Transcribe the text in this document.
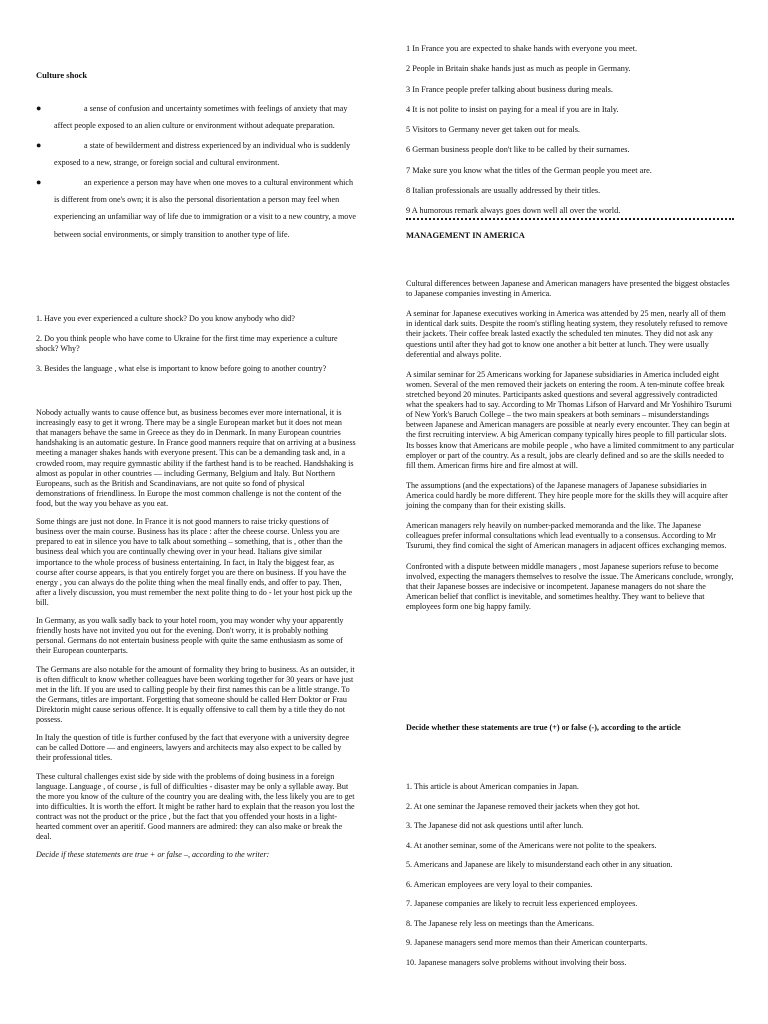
Culture shock
●	a sense of confusion and uncertainty sometimes with feelings of anxiety that may affect people exposed to an alien culture or environment without adequate preparation.
●	a state of bewilderment and distress experienced by an individual who is suddenly exposed to a new, strange, or foreign social and cultural environment.
●	an experience a person may have when one moves to a cultural environment which is different from one's own; it is also the personal disorientation a person may feel when experiencing an unfamiliar way of life due to immigration or a visit to a new country, a move between social environments, or simply transition to another type of life.

1. Have you ever experienced a culture shock? Do you know anybody who did?

2. Do you think people who have come to Ukraine for the first time may experience a culture shock? Why?

3. Besides the language , what else is important to know before going to another country?

Nobody actually wants to cause offence but, as business becomes ever more international, it is increasingly easy to get it wrong. There may be a single European market but it does not mean that managers behave the same in Greece as they do in Denmark. In many European countries handshaking is an automatic gesture. In France good manners require that on arriving at a business meeting a manager shakes hands with everyone present. This can be a demanding task and, in a crowded room, may require gymnastic ability if the farthest hand is to be reached. Handshaking is almost as popular in other countries — including Germany, Belgium and Italy. But Northern Europeans, such as the British and Scandinavians, are not quite so fond of physical demonstrations of friendliness. In Europe the most common challenge is not the content of the food, but the way you behave as you eat.

Some things are just not done. In France it is not good manners to raise tricky questions of business over the main course. Business has its place : after the cheese course. Unless you are prepared to eat in silence you have to talk about something – something, that is , other than the business deal which you are continually chewing over in your head. Italians give similar importance to the whole process of business entertaining. In fact, in Italy the biggest fear, as course after course appears, is that you entirely forget you are there on business. If you have the energy , you can always do the polite thing when the meal finally ends, and offer to pay. Then, after a lively discussion, you must remember the next polite thing to do - let your host pick up the bill.

In Germany, as you walk sadly back to your hotel room, you may wonder why your apparently friendly hosts have not invited you out for the evening. Don't worry, it is probably nothing personal. Germans do not entertain business people with quite the same enthusiasm as some of their European counterparts.

The Germans are also notable for the amount of formality they bring to business. As an outsider, it is often difficult to know whether colleagues have been working together for 30 years or have just met in the lift. If you are used to calling people by their first names this can be a little strange. To the Germans, titles are important. Forgetting that someone should be called Herr Doktor or Frau Direktorin might cause serious offence. It is equally offensive to call them by a title they do not possess.

In Italy the question of title is further confused by the fact that everyone with a university degree can be called Dottore — and engineers, lawyers and architects may also expect to be called by their professional titles.

These cultural challenges exist side by side with the problems of doing business in a foreign language. Language , of course , is full of difficulties - disaster may be only a syllable away. But the more you know of the culture of the country you are dealing with, the less likely you are to get into difficulties. It is worth the effort. It might be rather hard to explain that the reason you lost the contract was not the product or the price , but the fact that you offended your hosts in a light-hearted comment over an aperitif. Good manners are admired: they can also make or break the deal.

Decide if these statements are true + or false –, according to the writer:

1 In France you are expected to shake hands with everyone you meet.

2 People in Britain shake hands just as much as people in Germany.

3 In France people prefer talking about business during meals.

4 It is not polite to insist on paying for a meal if you are in Italy.

5 Visitors to Germany never get taken out for meals.

6 German business people don't like to be called by their surnames.

7 Make sure you know what the titles of the German people you meet are.

8 Italian professionals are usually addressed by their titles.

9 A humorous remark always goes down well all over the world.

MANAGEMENT IN AMERICA

Cultural differences between Japanese and American managers have presented the biggest obstacles to Japanese companies investing in America.

A seminar for Japanese executives working in America was attended by 25 men, nearly all of them in identical dark suits. Despite the room's stifling heating system, they resolutely refused to remove their jackets. Their coffee break lasted exactly the scheduled ten minutes. They did not ask any questions until after they had got to know one another a bit better at lunch. They were usually deferential and always polite.

A similar seminar for 25 Americans working for Japanese subsidiaries in America included eight women. Several of the men removed their jackets on entering the room. A ten-minute coffee break stretched beyond 20 minutes. Participants asked questions and several aggressively contradicted what the speakers had to say. According to Mr Thomas Lifson of Harvard and Mr Yoshihiro Tsurumi of New York's Baruch College – the two main speakers at both seminars – misunderstandings between Japanese and American managers are possible at nearly every encounter. They can begin at the first recruiting interview. A big American company typically hires people to fill particular slots. Its bosses know that Americans are mobile people , who have a limited commitment to any particular employer or part of the country. As a result, jobs are clearly defined and so are the skills needed to fill them. American firms hire and fire almost at will.

The assumptions (and the expectations) of the Japanese managers of Japanese subsidiaries in America could hardly be more different. They hire people more for the skills they will acquire after joining the company than for their existing skills.

American managers rely heavily on number-packed memoranda and the like. The Japanese colleagues prefer informal consultations which lead eventually to a consensus. According to Mr Tsurumi, they find comical the sight of American managers in adjacent offices exchanging memos.

Confronted with a dispute between middle managers , most Japanese superiors refuse to become involved, expecting the managers themselves to resolve the issue. The Americans conclude, wrongly, that their Japanese bosses are indecisive or incompetent. Japanese managers do not share the American belief that conflict is inevitable, and sometimes healthy. They want to believe that employees form one big happy family.

Decide whether these statements are true (+) or false (-), according to the article

1. This article is about American companies in Japan.

2. At one seminar the Japanese removed their jackets when they got hot.

3. The Japanese did not ask questions until after lunch.

4. At another seminar, some of the Americans were not polite to the speakers.

5. Americans and Japanese are likely to misunderstand each other in any situation.

6. American employees are very loyal to their companies.

7. Japanese companies are likely to recruit less experienced employees.

8. The Japanese rely less on meetings than the Americans.

9. Japanese managers send more memos than their American counterparts.

10. Japanese managers solve problems without involving their boss.
